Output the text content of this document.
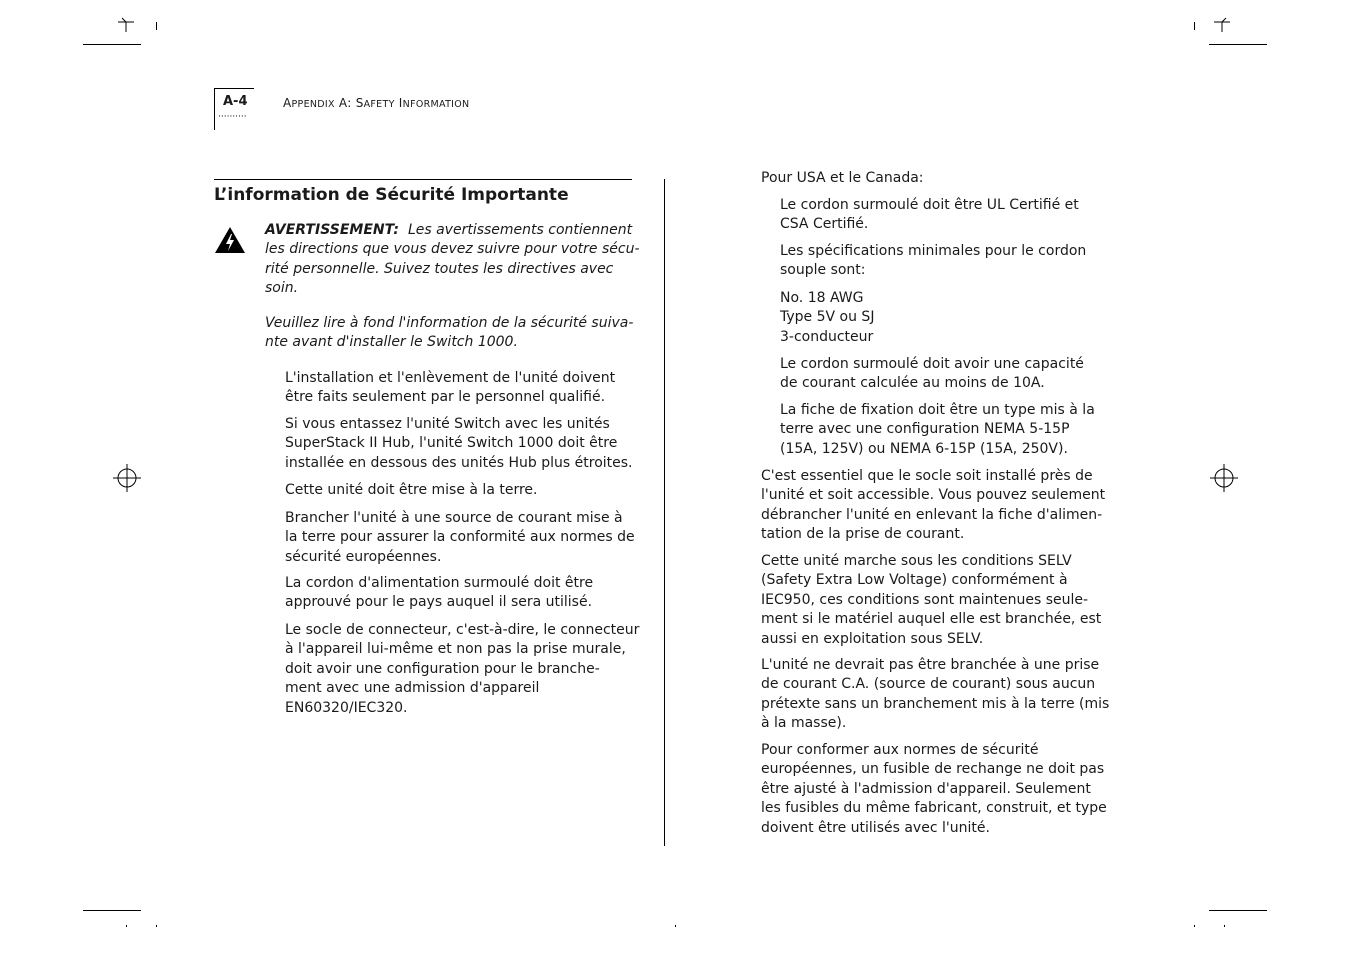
A-4
··········
APPENDIX A: SAFETY INFORMATION
L’information de Sécurité Importante
AVERTISSEMENT: Les avertissements contiennent
les directions que vous devez suivre pour votre sécu-
rité personnelle. Suivez toutes les directives avec
soin.
Veuillez lire à fond l'information de la sécurité suiva-
nte avant d'installer le Switch 1000.
L'installation et l'enlèvement de l'unité doivent
être faits seulement par le personnel qualifié.
Si vous entassez l'unité Switch avec les unités
SuperStack II Hub, l'unité Switch 1000 doit être
installée en dessous des unités Hub plus étroites.
Cette unité doit être mise à la terre.
Brancher l'unité à une source de courant mise à
la terre pour assurer la conformité aux normes de
sécurité européennes.
La cordon d'alimentation surmoulé doit être
approuvé pour le pays auquel il sera utilisé.
Le socle de connecteur, c'est-à-dire, le connecteur
à l'appareil lui-même et non pas la prise murale,
doit avoir une configuration pour le branche-
ment avec une admission d'appareil
EN60320/IEC320.
Pour USA et le Canada:
Le cordon surmoulé doit être UL Certifié et
CSA Certifié.
Les spécifications minimales pour le cordon
souple sont:
No. 18 AWG
Type 5V ou SJ
3-conducteur
Le cordon surmoulé doit avoir une capacité
de courant calculée au moins de 10A.
La fiche de fixation doit être un type mis à la
terre avec une configuration NEMA 5-15P
(15A, 125V) ou NEMA 6-15P (15A, 250V).
C'est essentiel que le socle soit installé près de
l'unité et soit accessible. Vous pouvez seulement
débrancher l'unité en enlevant la fiche d'alimen-
tation de la prise de courant.
Cette unité marche sous les conditions SELV
(Safety Extra Low Voltage) conformément à
IEC950, ces conditions sont maintenues seule-
ment si le matériel auquel elle est branchée, est
aussi en exploitation sous SELV.
L'unité ne devrait pas être branchée à une prise
de courant C.A. (source de courant) sous aucun
prétexte sans un branchement mis à la terre (mis
à la masse).
Pour conformer aux normes de sécurité
européennes, un fusible de rechange ne doit pas
être ajusté à l'admission d'appareil. Seulement
les fusibles du même fabricant, construit, et type
doivent être utilisés avec l'unité.
